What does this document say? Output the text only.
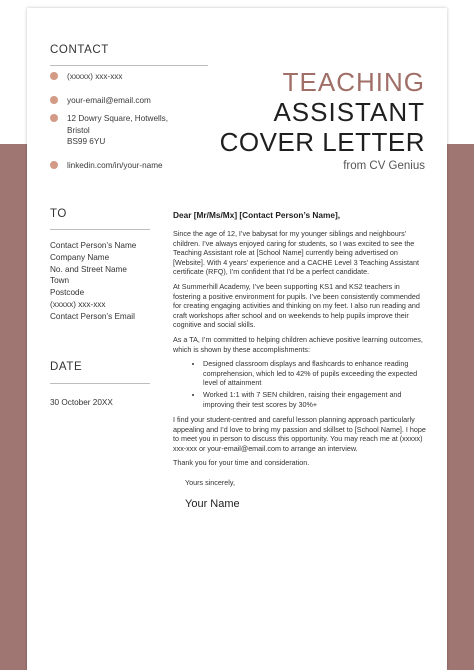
CONTACT
(xxxxx) xxx-xxx
your-email@email.com
12 Dowry Square, Hotwells,
Bristol
BS99 6YU
linkedin.com/in/your-name
TEACHING
ASSISTANT
COVER LETTER
from CV Genius
TO
Contact Person’s Name
Company Name
No. and Street Name
Town
Postcode
(xxxxx) xxx-xxx
Contact Person’s Email
DATE
30 October 20XX
Dear [Mr/Ms/Mx] [Contact Person’s Name],

Since the age of 12, I’ve babysat for my younger siblings and neighbours’ children. I’ve always enjoyed caring for students, so I was excited to see the Teaching Assistant role at [School Name] currently being advertised on [Website]. With 4 years’ experience and a CACHE Level 3 Teaching Assistant certificate (RFQ), I’m confident that I’d be a perfect candidate.

At Summerhill Academy, I’ve been supporting KS1 and KS2 teachers in fostering a positive environment for pupils. I’ve been consistently commended for creating engaging activities and thinking on my feet. I also run reading and craft workshops after school and on weekends to help pupils improve their cognitive and social skills.

As a TA, I’m committed to helping children achieve positive learning outcomes, which is shown by these accomplishments:

• Designed classroom displays and flashcards to enhance reading comprehension, which led to 42% of pupils exceeding the expected level of attainment
• Worked 1:1 with 7 SEN children, raising their engagement and improving their test scores by 30%+

I find your student-centred and careful lesson planning approach particularly appealing and I’d love to bring my passion and skillset to [School Name]. I hope to meet you in person to discuss this opportunity. You may reach me at (xxxxx) xxx-xxx or your-email@email.com to arrange an interview.

Thank you for your time and consideration.

Yours sincerely,

Your Name
